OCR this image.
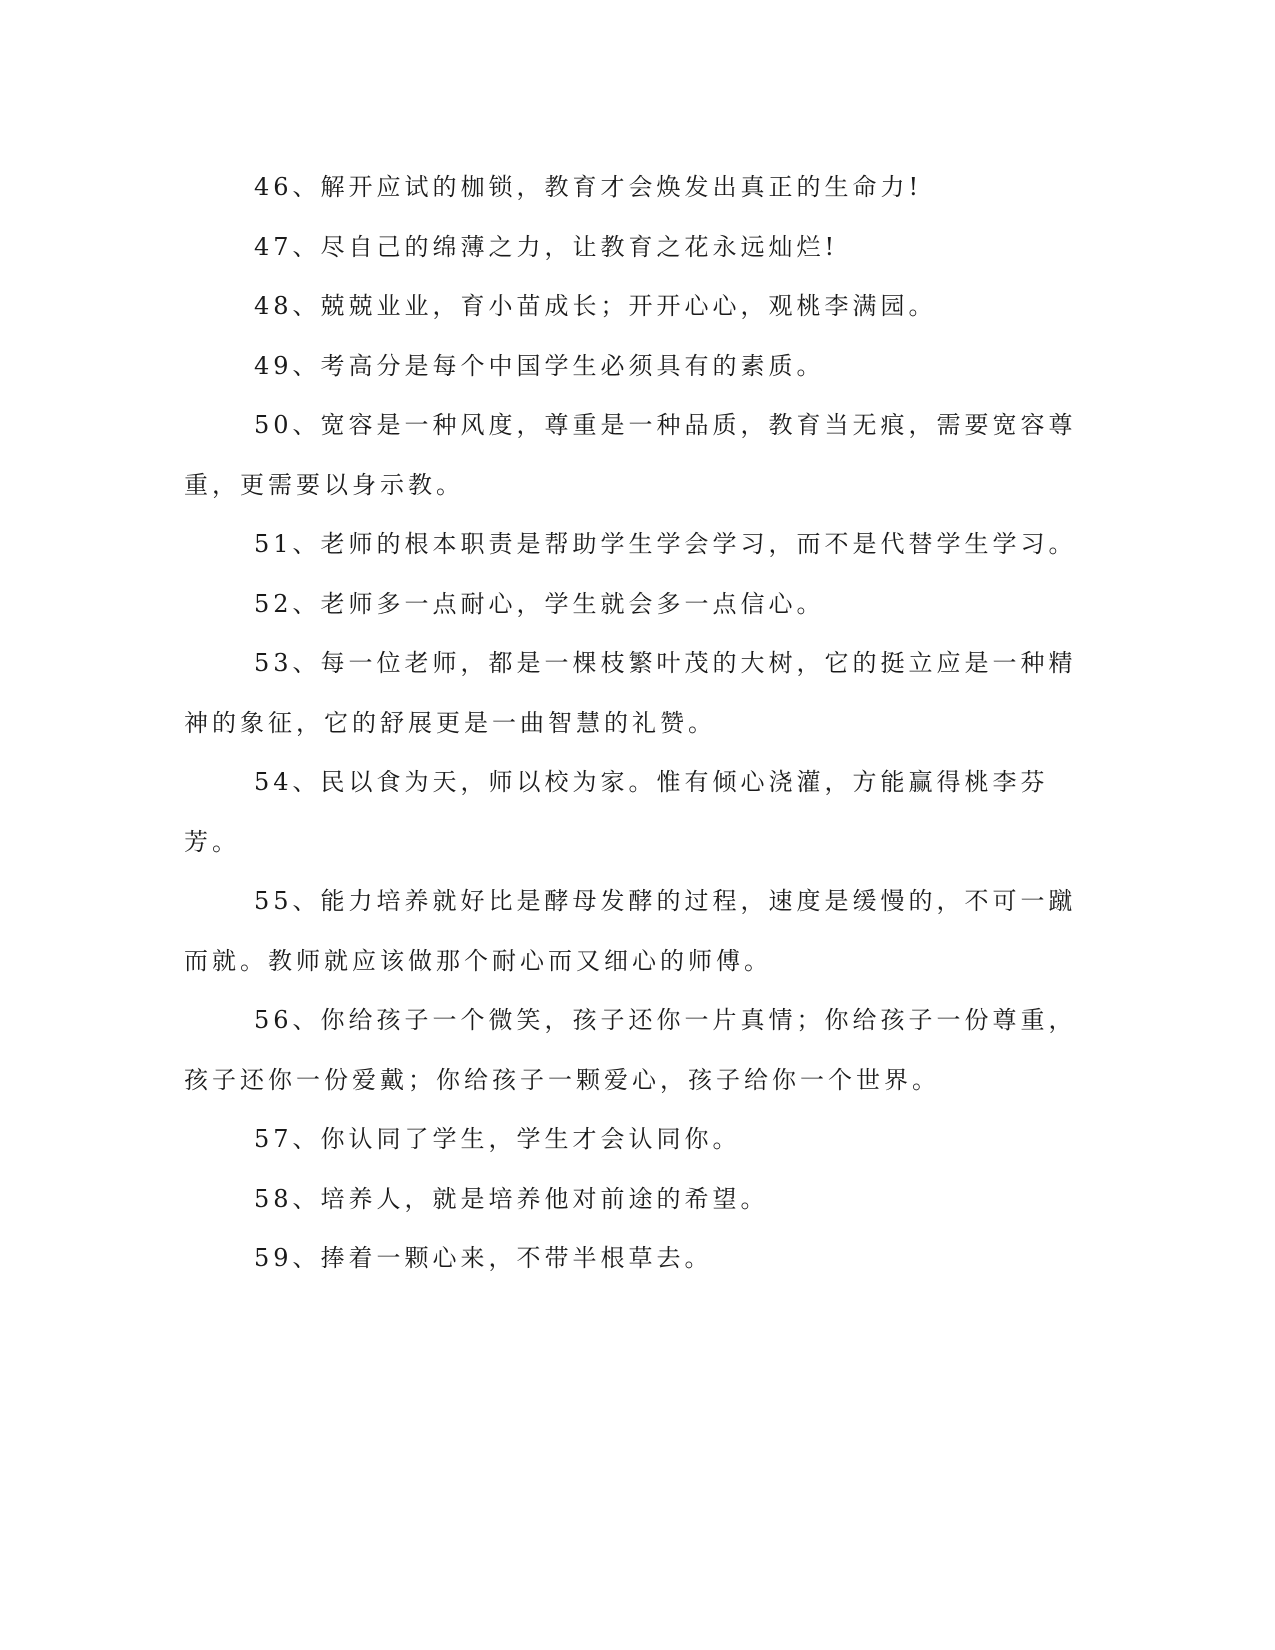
46、解开应试的枷锁，教育才会焕发出真正的生命力!

47、尽自己的绵薄之力，让教育之花永远灿烂!

48、兢兢业业，育小苗成长；开开心心，观桃李满园。

49、考高分是每个中国学生必须具有的素质。

50、宽容是一种风度，尊重是一种品质，教育当无痕，需要宽容尊重，更需要以身示教。

51、老师的根本职责是帮助学生学会学习，而不是代替学生学习。

52、老师多一点耐心，学生就会多一点信心。

53、每一位老师，都是一棵枝繁叶茂的大树，它的挺立应是一种精神的象征，它的舒展更是一曲智慧的礼赞。

54、民以食为天，师以校为家。惟有倾心浇灌，方能赢得桃李芬芳。

55、能力培养就好比是酵母发酵的过程，速度是缓慢的，不可一蹴而就。教师就应该做那个耐心而又细心的师傅。

56、你给孩子一个微笑，孩子还你一片真情；你给孩子一份尊重，孩子还你一份爱戴；你给孩子一颗爱心，孩子给你一个世界。

57、你认同了学生，学生才会认同你。

58、培养人，就是培养他对前途的希望。

59、捧着一颗心来，不带半根草去。
